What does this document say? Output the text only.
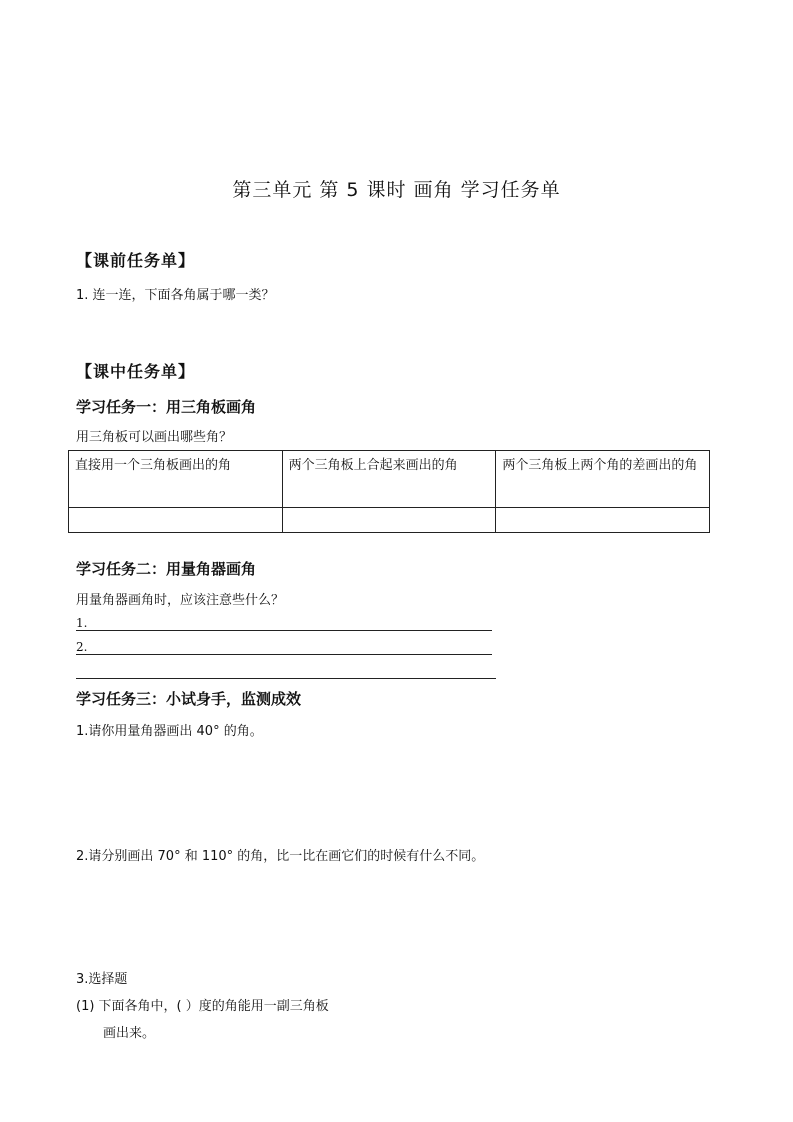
第三单元 第 5 课时 画角 学习任务单
【课前任务单】
1. 连一连，下面各角属于哪一类？
【课中任务单】
学习任务一：用三角板画角
用三角板可以画出哪些角？
直接用一个三角板画出的角	两个三角板上合起来画出的角	两个三角板上两个角的差画出的角

学习任务二：用量角器画角
用量角器画角时，应该注意些什么？
1.
2.
学习任务三：小试身手，监测成效
1.请你用量角器画出 40° 的角。
2.请分别画出 70° 和 110° 的角，比一比在画它们的时候有什么不同。
3.选择题
(1) 下面各角中，( ）度的角能用一副三角板
画出来。
